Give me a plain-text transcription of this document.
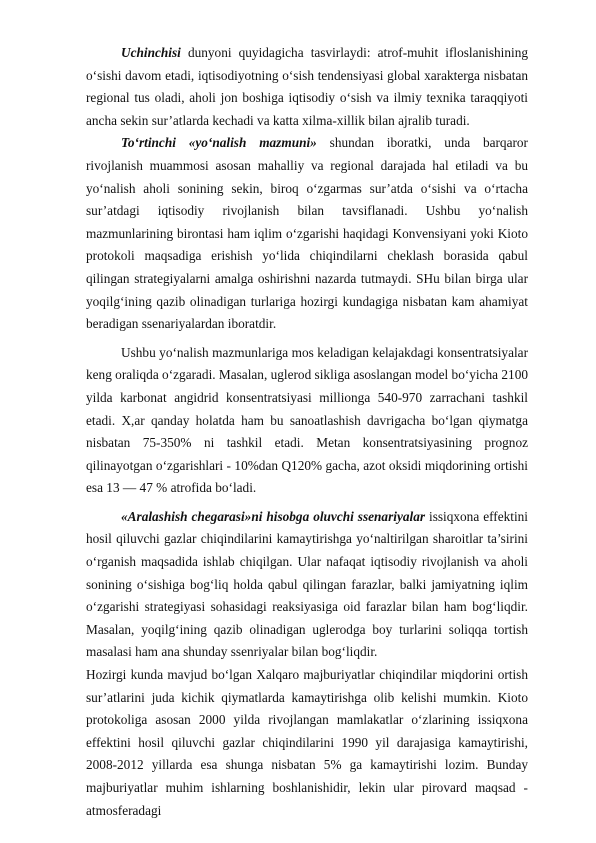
Uchinchisi dunyoni quyidagicha tasvirlaydi: atrof-muhit ifloslanishining o‘sishi davom etadi, iqtisodiyotning o‘sish tendensiyasi global xarakterga nisbatan regional tus oladi, aholi jon boshiga iqtisodiy o‘sish va ilmiy texnika taraqqiyoti ancha sekin sur’atlarda kechadi va katta xilma-xillik bilan ajralib turadi.

To‘rtinchi «yo‘nalish mazmuni» shundan iboratki, unda barqaror rivojlanish muammosi asosan mahalliy va regional darajada hal etiladi va bu yo‘nalish aholi sonining sekin, biroq o‘zgarmas sur’atda o‘sishi va o‘rtacha sur’atdagi iqtisodiy rivojlanish bilan tavsiflanadi. Ushbu yo‘nalish mazmunlarining birontasi ham iqlim o‘zgarishi haqidagi Konvensiyani yoki Kioto protokoli maqsadiga erishish yo‘lida chiqindilarni cheklash borasida qabul qilingan strategiyalarni amalga oshirishni nazarda tutmaydi. SHu bilan birga ular yoqilg‘ining qazib olinadigan turlariga hozirgi kundagiga nisbatan kam ahamiyat beradigan ssenariyalardan iboratdir.

Ushbu yo‘nalish mazmunlariga mos keladigan kelajakdagi konsentratsiyalar keng oraliqda o‘zgaradi. Masalan, uglerod sikliga asoslangan model bo‘yicha 2100 yilda karbonat angidrid konsentratsiyasi millionga 540-970 zarrachani tashkil etadi. X,ar qanday holatda ham bu sanoatlashish davrigacha bo‘lgan qiymatga nisbatan 75-350% ni tashkil etadi. Metan konsentratsiyasining prognoz qilinayotgan o‘zgarishlari - 10%dan Q120% gacha, azot oksidi miqdorining ortishi esa 13 — 47 % atrofida bo‘ladi.

«Aralashish chegarasi»ni hisobga oluvchi ssenariyalar issiqxona effektini hosil qiluvchi gazlar chiqindilarini kamaytirishga yo‘naltirilgan sharoitlar ta’sirini o‘rganish maqsadida ishlab chiqilgan. Ular nafaqat iqtisodiy rivojlanish va aholi sonining o‘sishiga bog‘liq holda qabul qilingan farazlar, balki jamiyatning iqlim o‘zgarishi strategiyasi sohasidagi reaksiyasiga oid farazlar bilan ham bog‘liqdir. Masalan, yoqilg‘ining qazib olinadigan uglerodga boy turlarini soliqqa tortish masalasi ham ana shunday ssenriyalar bilan bog‘liqdir.

Hozirgi kunda mavjud bo‘lgan Xalqaro majburiyatlar chiqindilar miqdorini ortish sur’atlarini juda kichik qiymatlarda kamaytirishga olib kelishi mumkin. Kioto protokoliga asosan 2000 yilda rivojlangan mamlakatlar o‘zlarining issiqxona effektini hosil qiluvchi gazlar chiqindilarini 1990 yil darajasiga kamaytirishi, 2008-2012 yillarda esa shunga nisbatan 5% ga kamaytirishi lozim. Bunday majburiyatlar muhim ishlarning boshlanishidir, lekin ular pirovard maqsad - atmosferadagi
